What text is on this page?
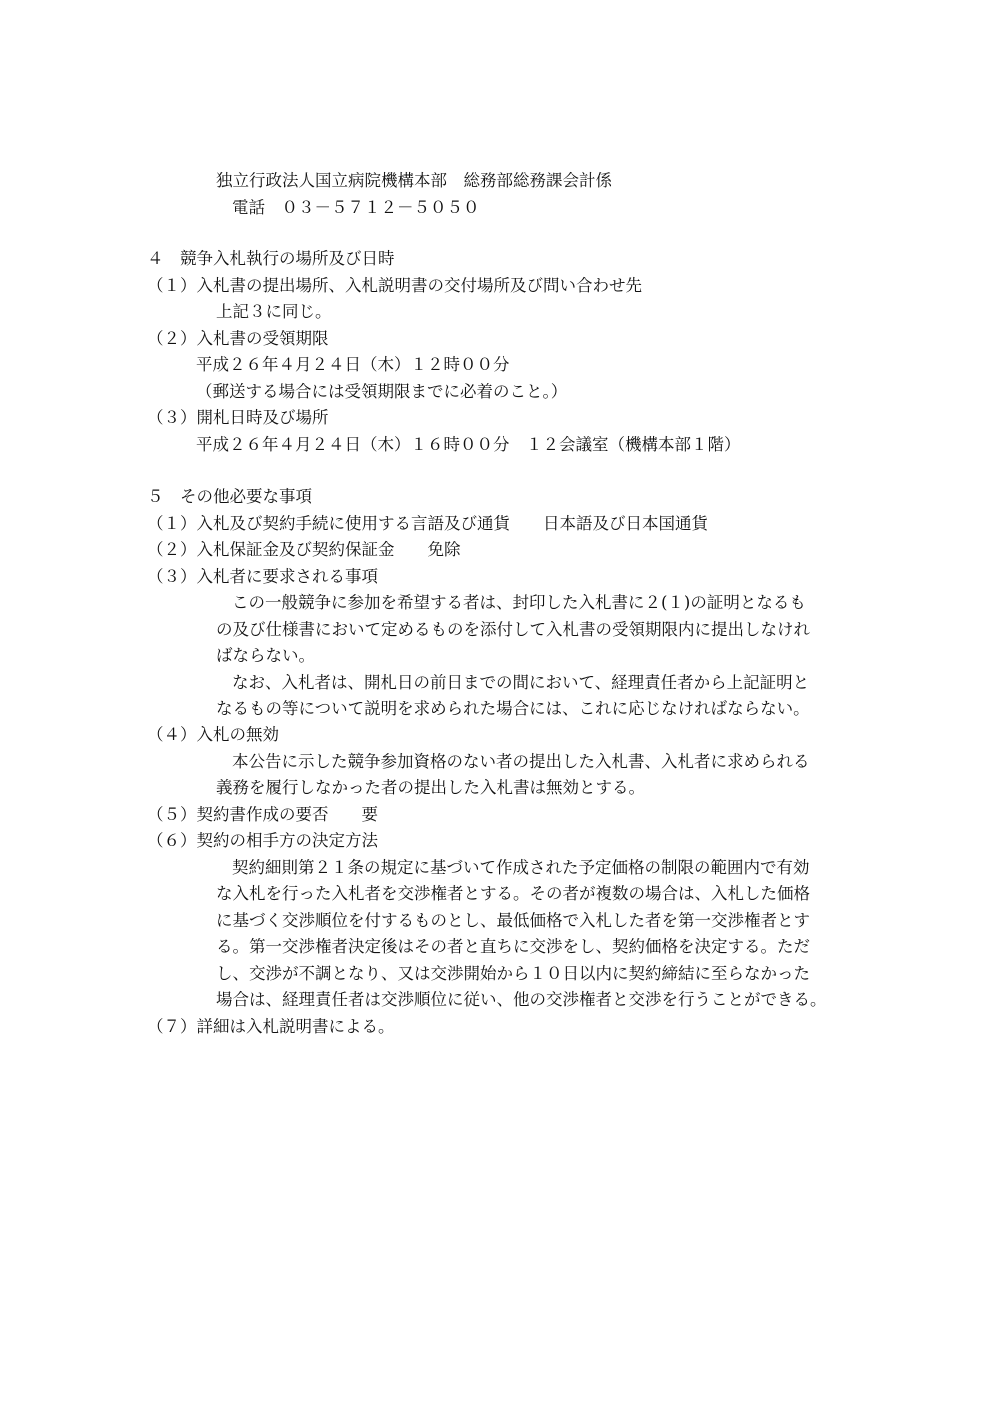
独立行政法人国立病院機構本部　総務部総務課会計係
電話　０３－５７１２－５０５０
４　競争入札執行の場所及び日時
（１）入札書の提出場所、入札説明書の交付場所及び問い合わせ先
上記３に同じ。
（２）入札書の受領期限
平成２６年４月２４日（木）１２時００分
（郵送する場合には受領期限までに必着のこと。）
（３）開札日時及び場所
平成２６年４月２４日（木）１６時００分　１２会議室（機構本部１階）
５　その他必要な事項
（１）入札及び契約手続に使用する言語及び通貨　　日本語及び日本国通貨
（２）入札保証金及び契約保証金　　免除
（３）入札者に要求される事項
この一般競争に参加を希望する者は、封印した入札書に２(１)の証明となるも
の及び仕様書において定めるものを添付して入札書の受領期限内に提出しなけれ
ばならない。
なお、入札者は、開札日の前日までの間において、経理責任者から上記証明と
なるもの等について説明を求められた場合には、これに応じなければならない。
（４）入札の無効
本公告に示した競争参加資格のない者の提出した入札書、入札者に求められる
義務を履行しなかった者の提出した入札書は無効とする。
（５）契約書作成の要否　　要
（６）契約の相手方の決定方法
契約細則第２１条の規定に基づいて作成された予定価格の制限の範囲内で有効
な入札を行った入札者を交渉権者とする。その者が複数の場合は、入札した価格
に基づく交渉順位を付するものとし、最低価格で入札した者を第一交渉権者とす
る。第一交渉権者決定後はその者と直ちに交渉をし、契約価格を決定する。ただ
し、交渉が不調となり、又は交渉開始から１０日以内に契約締結に至らなかった
場合は、経理責任者は交渉順位に従い、他の交渉権者と交渉を行うことができる。
（７）詳細は入札説明書による。
